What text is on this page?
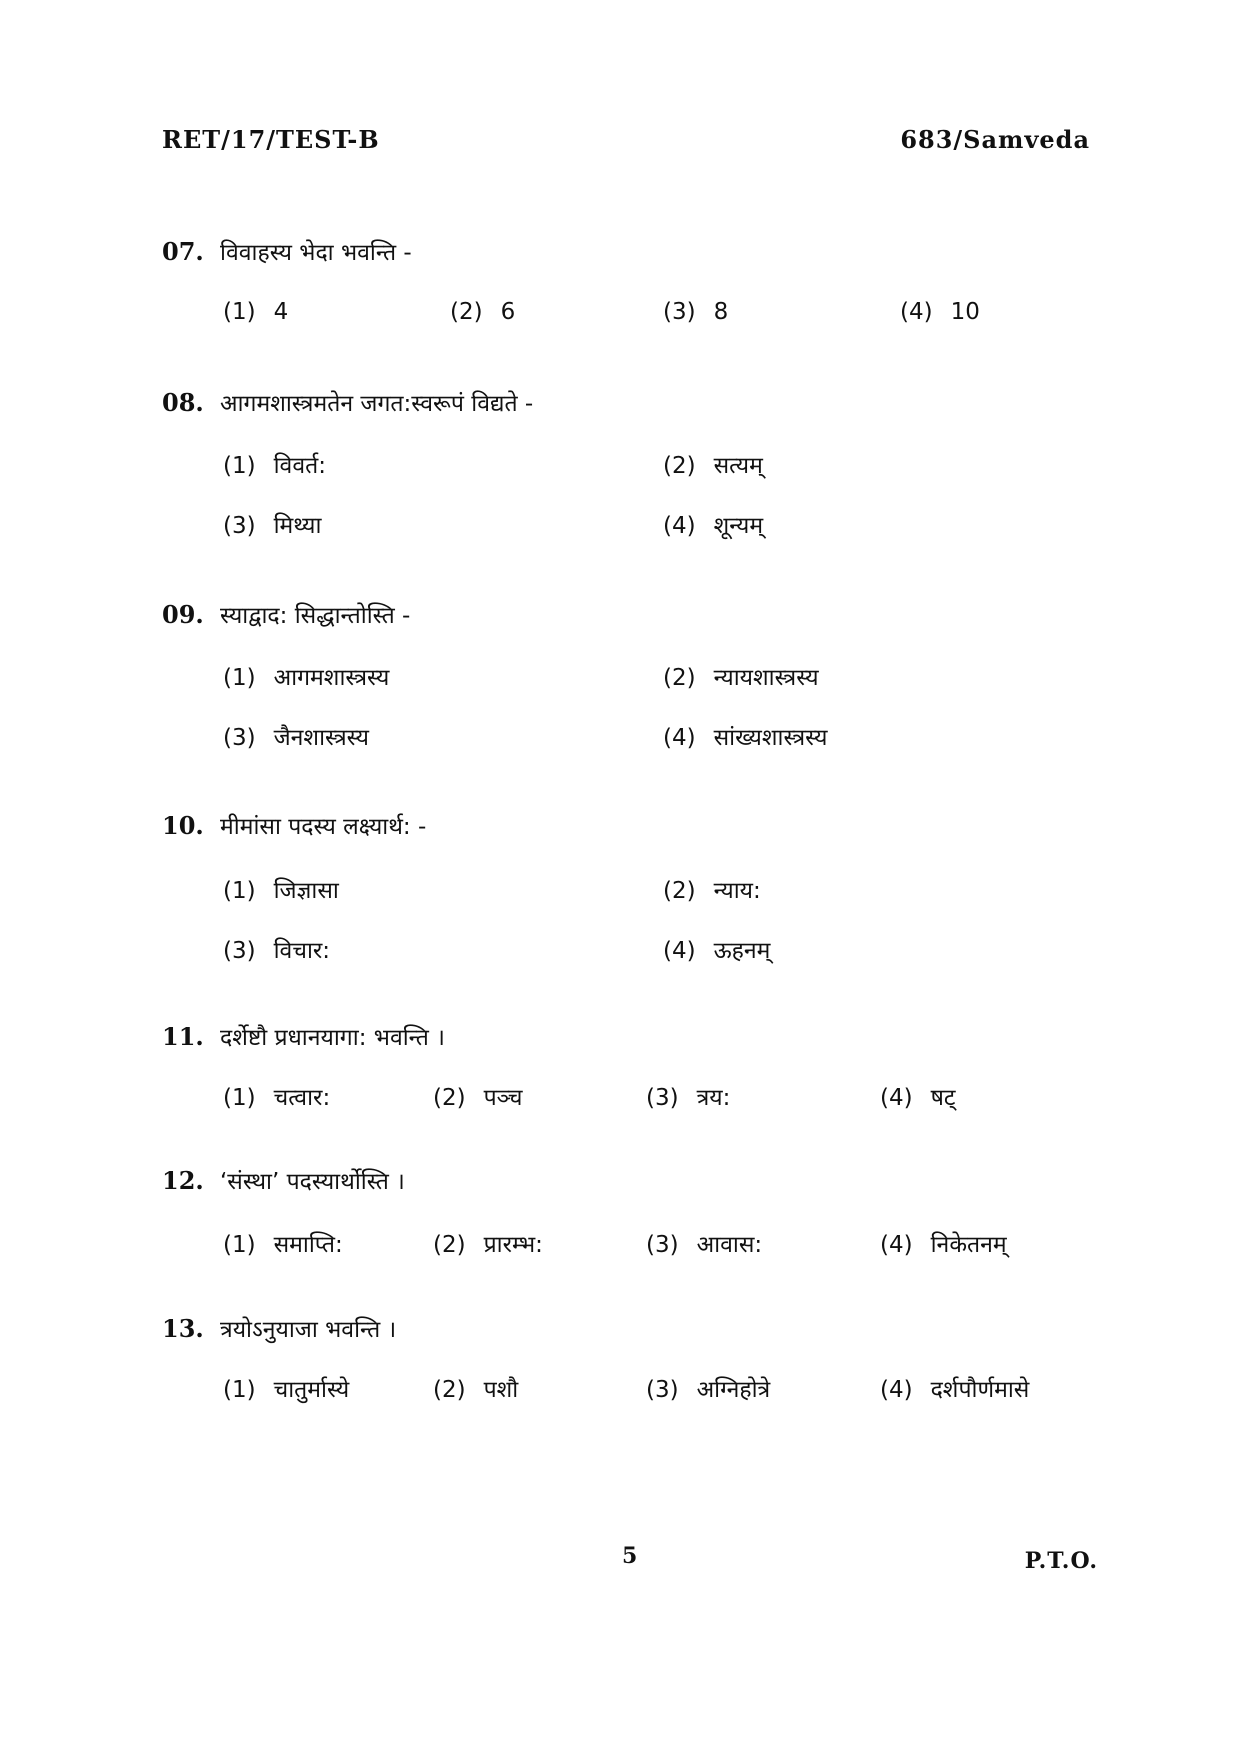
RET/17/TEST-B	683/Samveda
07. विवाहस्य भेदा भवन्ति -
(1) 4	(2) 6	(3) 8	(4) 10
08. आगमशास्त्रमतेन जगत:स्वरूपं विद्यते -
(1) विवर्त:	(2) सत्यम्
(3) मिथ्या	(4) शून्यम्
09. स्याद्वाद: सिद्धान्तोस्ति -
(1) आगमशास्त्रस्य	(2) न्यायशास्त्रस्य
(3) जैनशास्त्रस्य	(4) सांख्यशास्त्रस्य
10. मीमांसा पदस्य लक्ष्यार्थ: -
(1) जिज्ञासा	(2) न्याय:
(3) विचार:	(4) ऊहनम्
11. दर्शेष्टौ प्रधानयागा: भवन्ति ।
(1) चत्वार:	(2) पञ्च	(3) त्रय:	(4) षट्
12. ‘संस्था’ पदस्यार्थोस्ति ।
(1) समाप्ति:	(2) प्रारम्भ:	(3) आवास:	(4) निकेतनम्
13. त्रयोऽनुयाजा भवन्ति ।
(1) चातुर्मास्ये	(2) पशौ	(3) अग्निहोत्रे	(4) दर्शपौर्णमासे
5	P.T.O.
